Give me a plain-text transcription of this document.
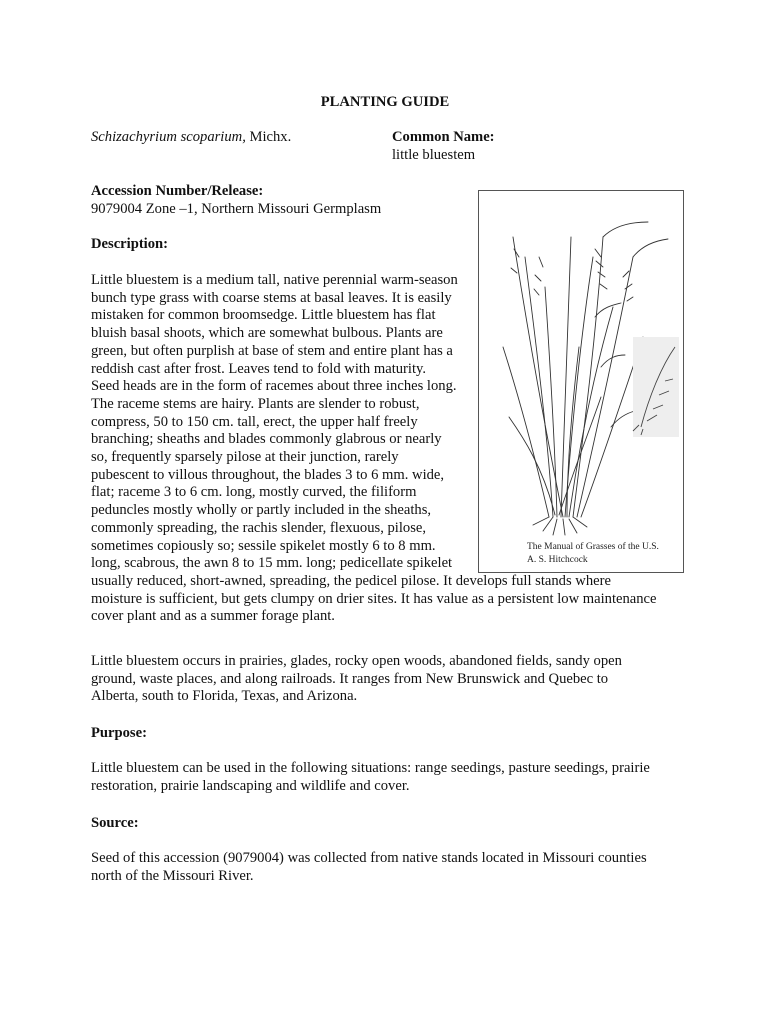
PLANTING GUIDE
Schizachyrium scoparium, Michx.	Common Name:
little bluestem
Accession Number/Release:
9079004 Zone –1, Northern Missouri Germplasm
Description:

Little bluestem is a medium tall, native perennial warm-season
bunch type grass with coarse stems at basal leaves. It is easily
mistaken for common broomsedge. Little bluestem has flat
bluish basal shoots, which are somewhat bulbous. Plants are
green, but often purplish at base of stem and entire plant has a
reddish cast after frost. Leaves tend to fold with maturity.
Seed heads are in the form of racemes about three inches long.
The raceme stems are hairy. Plants are slender to robust,
compress, 50 to 150 cm. tall, erect, the upper half freely
branching; sheaths and blades commonly glabrous or nearly
so, frequently sparsely pilose at their junction, rarely
pubescent to villous throughout, the blades 3 to 6 mm. wide,
flat; raceme 3 to 6 cm. long, mostly curved, the filiform
peduncles mostly wholly or partly included in the sheaths,
commonly spreading, the rachis slender, flexuous, pilose,
sometimes copiously so; sessile spikelet mostly 6 to 8 mm.
long, scabrous, the awn 8 to 15 mm. long; pedicellate spikelet
usually reduced, short-awned, spreading, the pedicel pilose. It develops full stands where
moisture is sufficient, but gets clumpy on drier sites. It has value as a persistent low maintenance
cover plant and as a summer forage plant.

The Manual of Grasses of the U.S.
A. S. Hitchcock

Little bluestem occurs in prairies, glades, rocky open woods, abandoned fields, sandy open
ground, waste places, and along railroads. It ranges from New Brunswick and Quebec to
Alberta, south to Florida, Texas, and Arizona.

Purpose:

Little bluestem can be used in the following situations: range seedings, pasture seedings, prairie
restoration, prairie landscaping and wildlife and cover.

Source:

Seed of this accession (9079004) was collected from native stands located in Missouri counties
north of the Missouri River.
